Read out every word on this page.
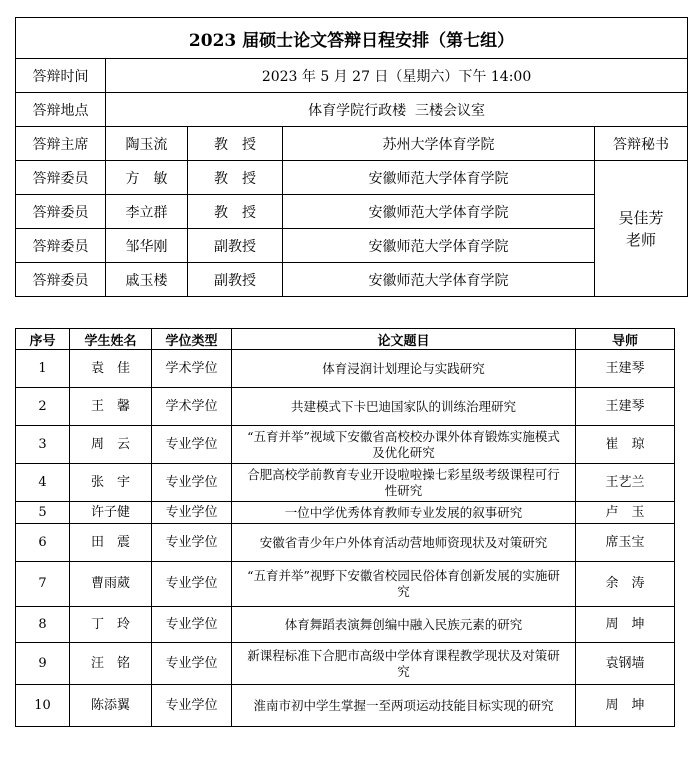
2023 届硕士论文答辩日程安排（第七组）				
答辩时间	2023 年 5 月 27 日（星期六）下午 14:00			
答辩地点	体育学院行政楼  三楼会议室			
答辩主席	陶玉流	教　授	苏州大学体育学院	答辩秘书
答辩委员	方　敏	教　授	安徽师范大学体育学院	吴佳芳
老师

答辩委员	李立群	教　授	安徽师范大学体育学院	
答辩委员	邹华刚	副教授	安徽师范大学体育学院	
答辩委员	戚玉楼	副教授	安徽师范大学体育学院	
序号	学生姓名	学位类型	论文题目	导师
1	袁　佳	学术学位	体育浸润计划理论与实践研究	王建琴
2	王　馨	学术学位	共建模式下卡巴迪国家队的训练治理研究	王建琴
3	周　云	专业学位	“五育并举”视域下安徽省高校校办课外体育锻炼实施模式及优化研究	崔　琼
4	张　宇	专业学位	合肥高校学前教育专业开设啦啦操七彩星级考级课程可行性研究	王艺兰
5	许子健	专业学位	一位中学优秀体育教师专业发展的叙事研究	卢　玉
6	田　震	专业学位	安徽省青少年户外体育活动营地师资现状及对策研究	席玉宝
7	曹雨葳	专业学位	“五育并举”视野下安徽省校园民俗体育创新发展的实施研究	余　涛
8	丁　玲	专业学位	体育舞蹈表演舞创编中融入民族元素的研究	周　坤
9	汪　铭	专业学位	新课程标准下合肥市高级中学体育课程教学现状及对策研究	袁钢墙
10	陈添翼	专业学位	淮南市初中学生掌握一至两项运动技能目标实现的研究	周　坤
